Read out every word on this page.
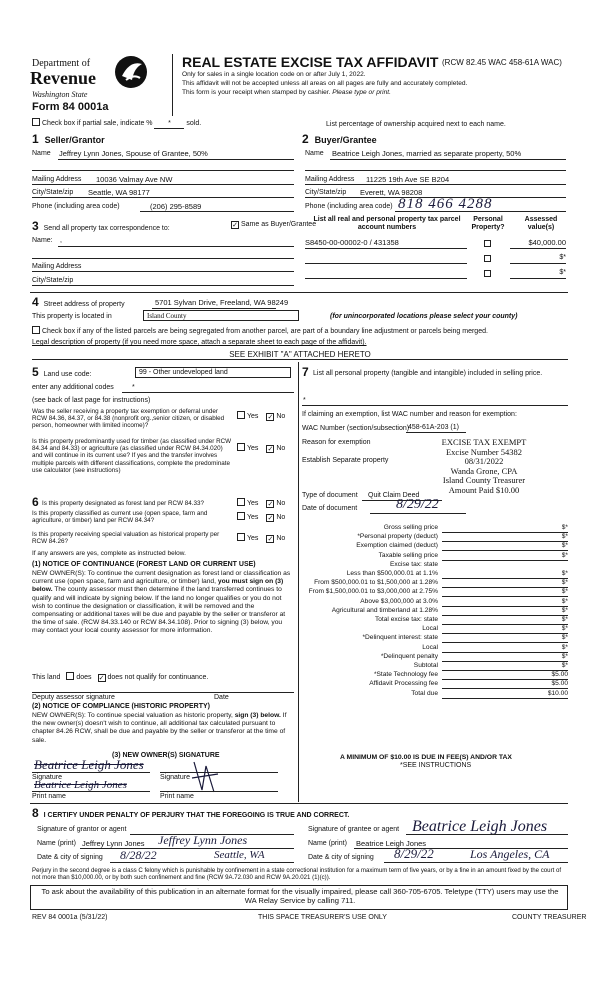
Department of
Revenue
Washington State
Form 84 0001a
REAL ESTATE EXCISE TAX AFFIDAVIT (RCW 82.45 WAC 458-61A WAC)
Only for sales in a single location code on or after July 1, 2022.
This affidavit will not be accepted unless all areas on all pages are fully and accurately completed.
This form is your receipt when stamped by cashier. Please type or print.
Check box if partial sale, indicate % * sold.	List percentage of ownership acquired next to each name.
1 Seller/Grantor
Name Jeffrey Lynn Jones, Spouse of Grantee, 50%
Mailing Address 10036 Valmay Ave NW
City/State/zip Seattle, WA 98177
Phone (including area code)	(206) 295-8589
2 Buyer/Grantee
Name Beatrice Leigh Jones, married as separate property, 50%
Mailing Address 11225 19th Ave SE B204
City/State/zip Everett, WA 98208
Phone (including area code) 818 466 4288
3 Send all property tax correspondence to:	✓ Same as Buyer/Grantee
Name: ,
Mailing Address
City/State/zip
List all real and personal property tax parcel account numbers
Personal Property?
Assessed value(s)
S8450-00-00002-0 / 431358	$40,000.00
$*
$*
4 Street address of property	5701 Sylvan Drive, Freeland, WA 98249
This property is located in	Island County	(for unincorporated locations please select your county)
Check box if any of the listed parcels are being segregated from another parcel, are part of a boundary line adjustment or parcels being merged.
Legal description of property (if you need more space, attach a separate sheet to each page of the affidavit).
SEE EXHIBIT "A" ATTACHED HERETO
5 Land use code:	99 - Other undeveloped land
enter any additional codes	*
(see back of last page for instructions)
Was the seller receiving a property tax exemption or deferral under RCW 84.36, 84.37, or 84.38 (nonprofit org.,senior citizen, or disabled person, homeowner with limited income)?
Yes ✓ No
Is this property predominantly used for timber (as classified under RCW 84.34 and 84.33) or agriculture (as classified under RCW 84.34.020) and will continue in its current use? If yes and the transfer involves multiple parcels with different classifications, complete the predominate use calculator (see instructions)
Yes ✓ No
6 Is this property designated as forest land per RCW 84.33?	Yes ✓ No
Is this property classified as current use (open space, farm and agriculture, or timber) land per RCW 84.34?	Yes ✓ No
Is this property receiving special valuation as historical property per RCW 84.26?	Yes ✓ No
If any answers are yes, complete as instructed below.
(1) NOTICE OF CONTINUANCE (FOREST LAND OR CURRENT USE)
NEW OWNER(S): To continue the current designation as forest land or classification as current use (open space, farm and agriculture, or timber) land, you must sign on (3) below. The county assessor must then determine if the land transferred continues to qualify and will indicate by signing below. If the land no longer qualifies or you do not wish to continue the designation or classification, it will be removed and the compensating or additional taxes will be due and payable by the seller or transferor at the time of sale. (RCW 84.33.140 or RCW 84.34.108). Prior to signing (3) below, you may contact your local county assessor for more information.
This land does ✓ does not qualify for continuance.
Deputy assessor signature	Date
(2) NOTICE OF COMPLIANCE (HISTORIC PROPERTY)
NEW OWNER(S): To continue special valuation as historic property, sign (3) below. If the new owner(s) doesn't wish to continue, all additional tax calculated pursuant to chapter 84.26 RCW, shall be due and payable by the seller or transferor at the time of sale.
(3) NEW OWNER(S) SIGNATURE
Beatrice Leigh Jones
Signature	Signature
Beatrice Leigh Jones
Print name	Print name
7 List all personal property (tangible and intangible) included in selling price.
*
If claiming an exemption, list WAC number and reason for exemption:
WAC Number (section/subsection)
458-61A-203 (1)
Reason for exemption
Establish Separate property
EXCISE TAX EXEMPT
Excise Number 54382
08/31/2022
Wanda Grone, CPA
Island County Treasurer
Amount Paid $10.00
Type of document Quit Claim Deed
Date of document	8/29/22
Gross selling price	$*
*Personal property (deduct)	$*
Exemption claimed (deduct)	$*
Taxable selling price	$*
Excise tax: state
Less than $500,000.01 at 1.1%	$*
From $500,000.01 to $1,500,000 at 1.28%	$*
From $1,500,000.01 to $3,000,000 at 2.75%	$*
Above $3,000,000 at 3.0%	$*
Agricultural and timberland at 1.28%	$*
Total excise tax: state	$*
Local	$*
*Delinquent interest: state	$*
Local	$*
*Delinquent penalty	$*
Subtotal	$*
*State Technology fee	$5.00
Affidavit Processing fee	$5.00
Total due	$10.00
A MINIMUM OF $10.00 IS DUE IN FEE(S) AND/OR TAX
*SEE INSTRUCTIONS
8 I CERTIFY UNDER PENALTY OF PERJURY THAT THE FOREGOING IS TRUE AND CORRECT.
Signature of grantor or agent
Name (print) Jeffrey Lynn Jones Jeffrey Lynn Jones
Date & city of signing 8/28/22	Seattle, WA
Signature of grantee or agent Beatrice Leigh Jones
Name (print) Beatrice Leigh Jones
Date & city of signing 8/29/22	Los Angeles, CA
Perjury in the second degree is a class C felony which is punishable by confinement in a state correctional institution for a maximum term of five years, or by a fine in an amount fixed by the court of not more than $10,000.00, or by both such confinement and fine (RCW 9A.72.030 and RCW 9A.20.021 (1)(c)).
To ask about the availability of this publication in an alternate format for the visually impaired, please call 360-705-6705. Teletype (TTY) users may use the WA Relay Service by calling 711.
REV 84 0001a (5/31/22)	THIS SPACE TREASURER'S USE ONLY	COUNTY TREASURER
